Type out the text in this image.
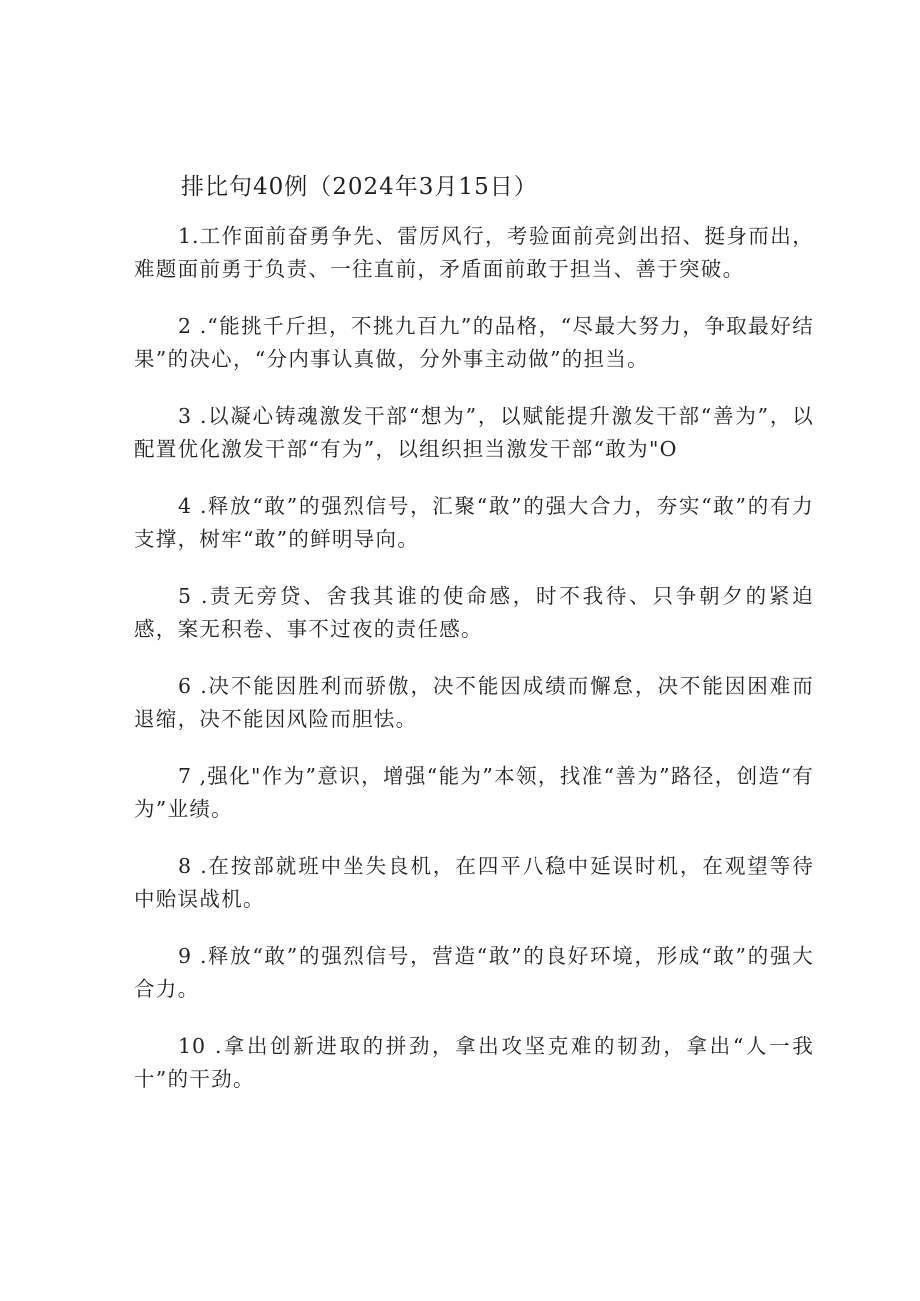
排比句40例（2024年3月15日）

1.工作面前奋勇争先、雷厉风行，考验面前亮剑出招、挺身而出，难题面前勇于负责、一往直前，矛盾面前敢于担当、善于突破。

2 .“能挑千斤担，不挑九百九”的品格，“尽最大努力，争取最好结果”的决心，“分内事认真做，分外事主动做”的担当。

3 .以凝心铸魂激发干部“想为”，以赋能提升激发干部“善为”，以配置优化激发干部“有为”，以组织担当激发干部“敢为"O

4 .释放“敢”的强烈信号，汇聚“敢”的强大合力，夯实“敢”的有力支撑，树牢“敢”的鲜明导向。

5 .责无旁贷、舍我其谁的使命感，时不我待、只争朝夕的紧迫感，案无积卷、事不过夜的责任感。

6 .决不能因胜利而骄傲，决不能因成绩而懈怠，决不能因困难而退缩，决不能因风险而胆怯。

7 ,强化"作为”意识，增强“能为”本领，找准“善为”路径，创造“有为”业绩。

8 .在按部就班中坐失良机，在四平八稳中延误时机，在观望等待中贻误战机。

9 .释放“敢”的强烈信号，营造“敢”的良好环境，形成“敢”的强大合力。

10 .拿出创新进取的拼劲，拿出攻坚克难的韧劲，拿出“人一我十”的干劲。
